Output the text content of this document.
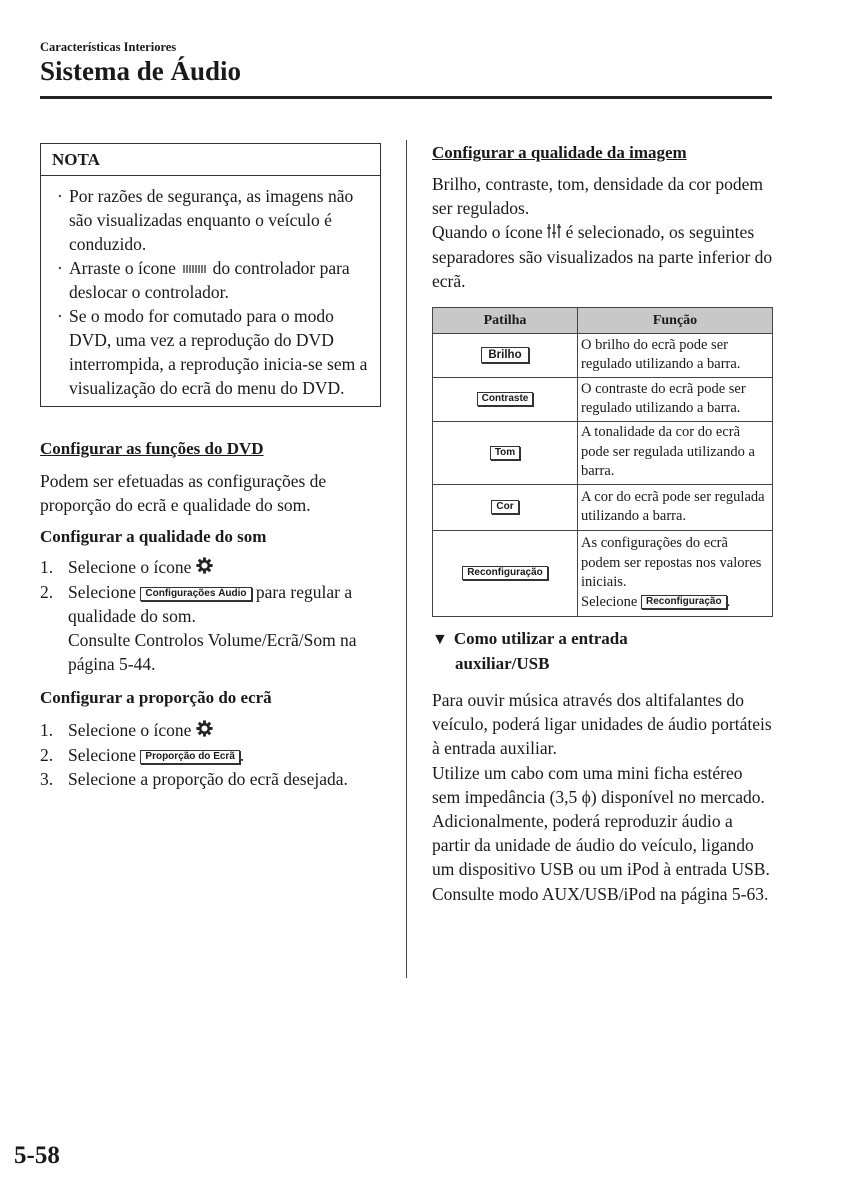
Características Interiores
Sistema de Áudio
NOTA
· Por razões de segurança, as imagens não são visualizadas enquanto o veículo é conduzido.
· Arraste o ícone do controlador para deslocar o controlador.
· Se o modo for comutado para o modo DVD, uma vez a reprodução do DVD interrompida, a reprodução inicia-se sem a visualização do ecrã do menu do DVD.

Configurar as funções do DVD

Podem ser efetuadas as configurações de proporção do ecrã e qualidade do som.

Configurar a qualidade do som

1. Selecione o ícone
2. Selecione Configurações Áudio para regular a qualidade do som.
Consulte Controlos Volume/Ecrã/Som na página 5-44.

Configurar a proporção do ecrã

1. Selecione o ícone
2. Selecione Proporção do Ecrã .
3. Selecione a proporção do ecrã desejada.

Configurar a qualidade da imagem

Brilho, contraste, tom, densidade da cor podem ser regulados.

Quando o ícone é selecionado, os seguintes separadores são visualizados na parte inferior do ecrã.

Patilha	Função
Brilho	O brilho do ecrã pode ser regulado utilizando a barra.
Contraste	O contraste do ecrã pode ser regulado utilizando a barra.
Tom	A tonalidade da cor do ecrã pode ser regulada utilizando a barra.
Cor	A cor do ecrã pode ser regulada utilizando a barra.
Reconfiguração	As configurações do ecrã podem ser repostas nos valores iniciais.
Selecione Reconfiguração .
▼ Como utilizar a entrada
auxiliar/USB

Para ouvir música através dos altifalantes do veículo, poderá ligar unidades de áudio portáteis à entrada auxiliar.

Utilize um cabo com uma mini ficha estéreo sem impedância (3,5 ϕ) disponível no mercado.

Adicionalmente, poderá reproduzir áudio a partir da unidade de áudio do veículo, ligando um dispositivo USB ou um iPod à entrada USB.

Consulte modo AUX/USB/iPod na página 5-63.

5-58
